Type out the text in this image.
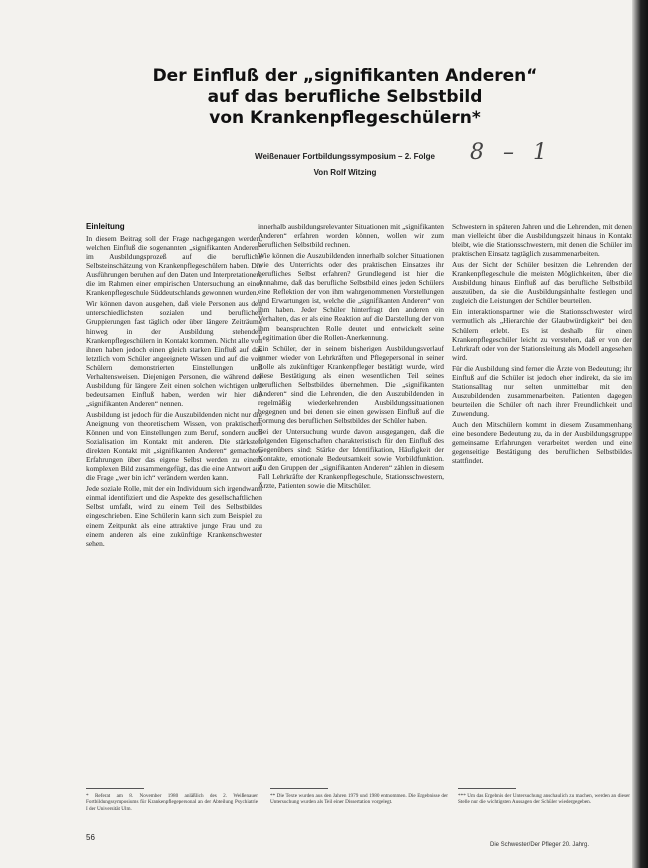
Der Einfluß der „signifikanten Anderen“
auf das berufliche Selbstbild
von Krankenpflegeschülern*
Weißenauer Fortbildungssymposium – 2. Folge
Von Rolf Witzing
8 – 1
Einleitung

In diesem Beitrag soll der Frage nachgegangen werden, welchen Einfluß die sogenannten „signifikanten Anderen“ im Ausbildungsprozeß auf die berufliche Selbsteinschätzung von Krankenpflegeschülern haben. Die Ausführungen beruhen auf den Daten und Interpretationen, die im Rahmen einer empirischen Untersuchung an einer Krankenpflegeschule Süddeutschlands gewonnen wurden.

Wir können davon ausgehen, daß viele Personen aus den unterschiedlichsten sozialen und beruflichen Gruppierungen fast täglich oder über längere Zeiträume hinweg in der Ausbildung stehenden Krankenpflegeschülern in Kontakt kommen. Nicht alle von ihnen haben jedoch einen gleich starken Einfluß auf das letztlich vom Schüler angeeignete Wissen und auf die von Schülern demonstrierten Einstellungen und Verhaltensweisen. Diejenigen Personen, die während der Ausbildung für längere Zeit einen solchen wichtigen und bedeutsamen Einfluß haben, werden wir hier die „signifikanten Anderen“ nennen.

Ausbildung ist jedoch für die Auszubildenden nicht nur die Aneignung von theoretischem Wissen, von praktischem Können und von Einstellungen zum Beruf, sondern auch Sozialisation im Kontakt mit anderen. Die stärksten direkten Kontakt mit „signifikanten Anderen“ gemachten Erfahrungen über das eigene Selbst werden zu einem komplexen Bild zusammengefügt, das die eine Antwort auf die Frage „wer bin ich“ verändern werden kann.

Jede soziale Rolle, mit der ein Individuum sich irgendwann einmal identifiziert und die Aspekte des gesellschaftlichen Selbst umfaßt, wird zu einem Teil des Selbstbildes eingeschrieben. Eine Schülerin kann sich zum Beispiel zu einem Zeitpunkt als eine attraktive junge Frau und zu einem anderen als eine zukünftige Krankenschwester sehen.

innerhalb ausbildungsrelevanter Situationen mit „signifikanten Anderen“ erfahren worden können, wollen wir zum beruflichen Selbstbild rechnen.

Wie können die Auszubildenden innerhalb solcher Situationen wie des Unterrichts oder des praktischen Einsatzes ihr berufliches Selbst erfahren? Grundlegend ist hier die Annahme, daß das berufliche Selbstbild eines jeden Schülers eine Reflektion der von ihm wahrgenommenen Vorstellungen und Erwartungen ist, welche die „signifikanten Anderen“ von ihm haben. Jeder Schüler hinterfragt den anderen ein Verhalten, das er als eine Reaktion auf die Darstellung der von ihm beanspruchten Rolle deutet und entwickelt seine Legitimation über die Rollen-Anerkennung.

Ein Schüler, der in seinem bisherigen Ausbildungsverlauf immer wieder von Lehrkräften und Pflegepersonal in seiner Rolle als zukünftiger Krankenpfleger bestätigt wurde, wird diese Bestätigung als einen wesentlichen Teil seines beruflichen Selbstbildes übernehmen. Die „signifikanten Anderen“ sind die Lehrenden, die den Auszubildenden in regelmäßig wiederkehrenden Ausbildungssituationen begegnen und bei denen sie einen gewissen Einfluß auf die Formung des beruflichen Selbstbildes der Schüler haben.

Bei der Untersuchung wurde davon ausgegangen, daß die folgenden Eigenschaften charakteristisch für den Einfluß des Gegenübers sind: Stärke der Identifikation, Häufigkeit der Kontakte, emotionale Bedeutsamkeit sowie Vorbildfunktion. Zu den Gruppen der „signifikanten Anderen“ zählen in diesem Fall Lehrkräfte der Krankenpflegeschule, Stationsschwestern, Ärzte, Patienten sowie die Mitschüler.

Schwestern in späteren Jahren und die Lehrenden, mit denen man vielleicht über die Ausbildungszeit hinaus in Kontakt bleibt, wie die Stationsschwestern, mit denen die Schüler im praktischen Einsatz tagtäglich zusammenarbeiten.

Aus der Sicht der Schüler besitzen die Lehrenden der Krankenpflegeschule die meisten Möglichkeiten, über die Ausbildung hinaus Einfluß auf das berufliche Selbstbild auszuüben, da sie die Ausbildungsinhalte festlegen und zugleich die Leistungen der Schüler beurteilen.

Ein interaktionspartner wie die Stationsschwester wird vermutlich als „Hierarchie der Glaubwürdigkeit“ bei den Schülern erlebt. Es ist deshalb für einen Krankenpflegeschüler leicht zu verstehen, daß er von der Lehrkraft oder von der Stationsleitung als Modell angesehen wird.

Für die Ausbildung sind ferner die Ärzte von Bedeutung; ihr Einfluß auf die Schüler ist jedoch eher indirekt, da sie im Stationsalltag nur selten unmittelbar mit den Auszubildenden zusammenarbeiten. Patienten dagegen beurteilen die Schüler oft nach ihrer Freundlichkeit und Zuwendung.

Auch den Mitschülern kommt in diesem Zusammenhang eine besondere Bedeutung zu, da in der Ausbildungsgruppe gemeinsame Erfahrungen verarbeitet werden und eine gegenseitige Bestätigung des beruflichen Selbstbildes stattfindet.

* Referat am 8. November 1980 anläßlich des 2. Weißenauer Fortbildungssymposiums für Krankenpflegepersonal an der Abteilung Psychiatrie I der Universität Ulm.
** Die Texte wurden aus den Jahren 1979 und 1980 entnommen. Die Ergebnisse der Untersuchung wurden als Teil einer Dissertation vorgelegt.
*** Um das Ergebnis der Untersuchung anschaulich zu machen, werden an dieser Stelle nur die wichtigsten Aussagen der Schüler wiedergegeben.
56
Die Schwester/Der Pfleger 20. Jahrg.
